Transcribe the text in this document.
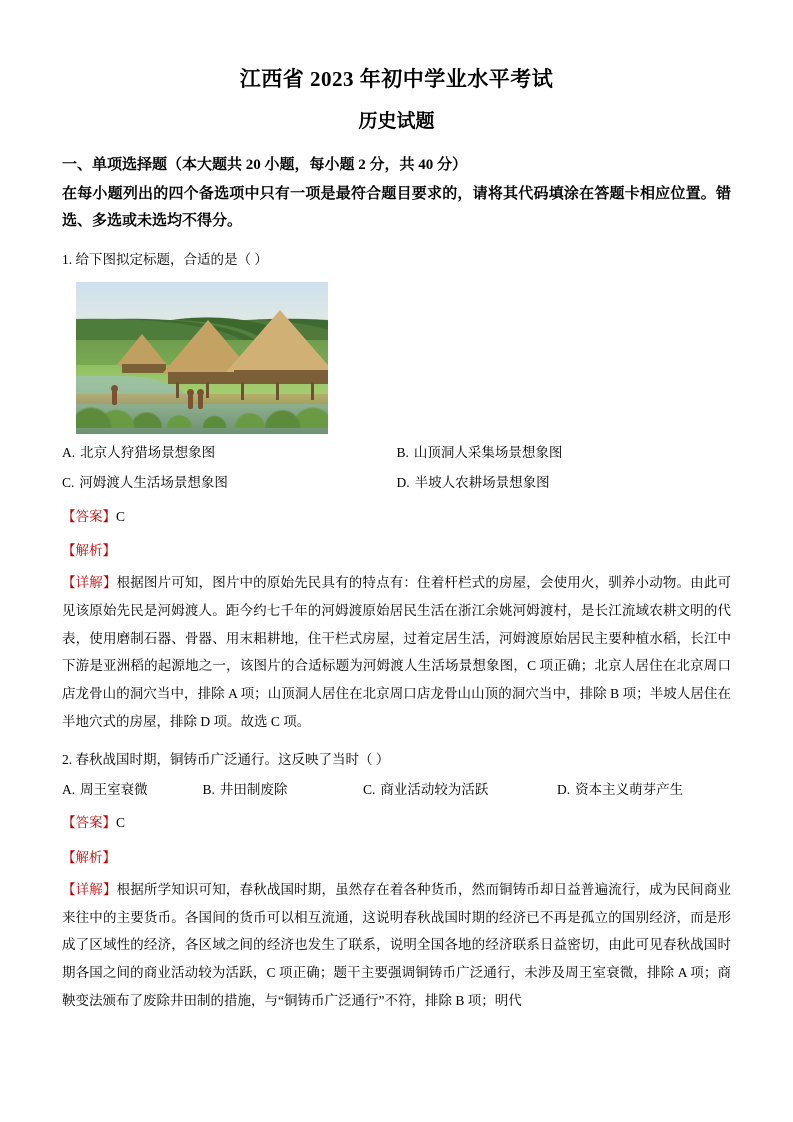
江西省 2023 年初中学业水平考试
历史试题
一、单项选择题（本大题共 20 小题，每小题 2 分，共 40 分）
在每小题列出的四个备选项中只有一项是最符合题目要求的，请将其代码填涂在答题卡相应位置。错选、多选或未选均不得分。
1. 给下图拟定标题，合适的是（ ）
A. 北京人狩猎场景想象图	B. 山顶洞人采集场景想象图
C. 河姆渡人生活场景想象图	D. 半坡人农耕场景想象图
【答案】C
【解析】
【详解】根据图片可知，图片中的原始先民具有的特点有：住着杆栏式的房屋，会使用火，驯养小动物。由此可见该原始先民是河姆渡人。距今约七千年的河姆渡原始居民生活在浙江余姚河姆渡村，是长江流域农耕文明的代表，使用磨制石器、骨器、用末耜耕地，住干栏式房屋，过着定居生活，河姆渡原始居民主要种植水稻，长江中下游是亚洲稻的起源地之一，该图片的合适标题为河姆渡人生活场景想象图，C 项正确；北京人居住在北京周口店龙骨山的洞穴当中，排除 A 项；山顶洞人居住在北京周口店龙骨山山顶的洞穴当中，排除 B 项；半坡人居住在半地穴式的房屋，排除 D 项。故选 C 项。
2. 春秋战国时期，铜铸币广泛通行。这反映了当时（ ）
A. 周王室衰微	B. 井田制废除	C. 商业活动较为活跃	D. 资本主义萌芽产生
【答案】C
【解析】
【详解】根据所学知识可知，春秋战国时期，虽然存在着各种货币，然而铜铸币却日益普遍流行，成为民间商业来往中的主要货币。各国间的货币可以相互流通，这说明春秋战国时期的经济已不再是孤立的国别经济，而是形成了区域性的经济，各区域之间的经济也发生了联系，说明全国各地的经济联系日益密切，由此可见春秋战国时期各国之间的商业活动较为活跃，C 项正确；题干主要强调铜铸币广泛通行，未涉及周王室衰微，排除 A 项；商鞅变法颁布了废除井田制的措施，与“铜铸币广泛通行”不符，排除 B 项；明代
